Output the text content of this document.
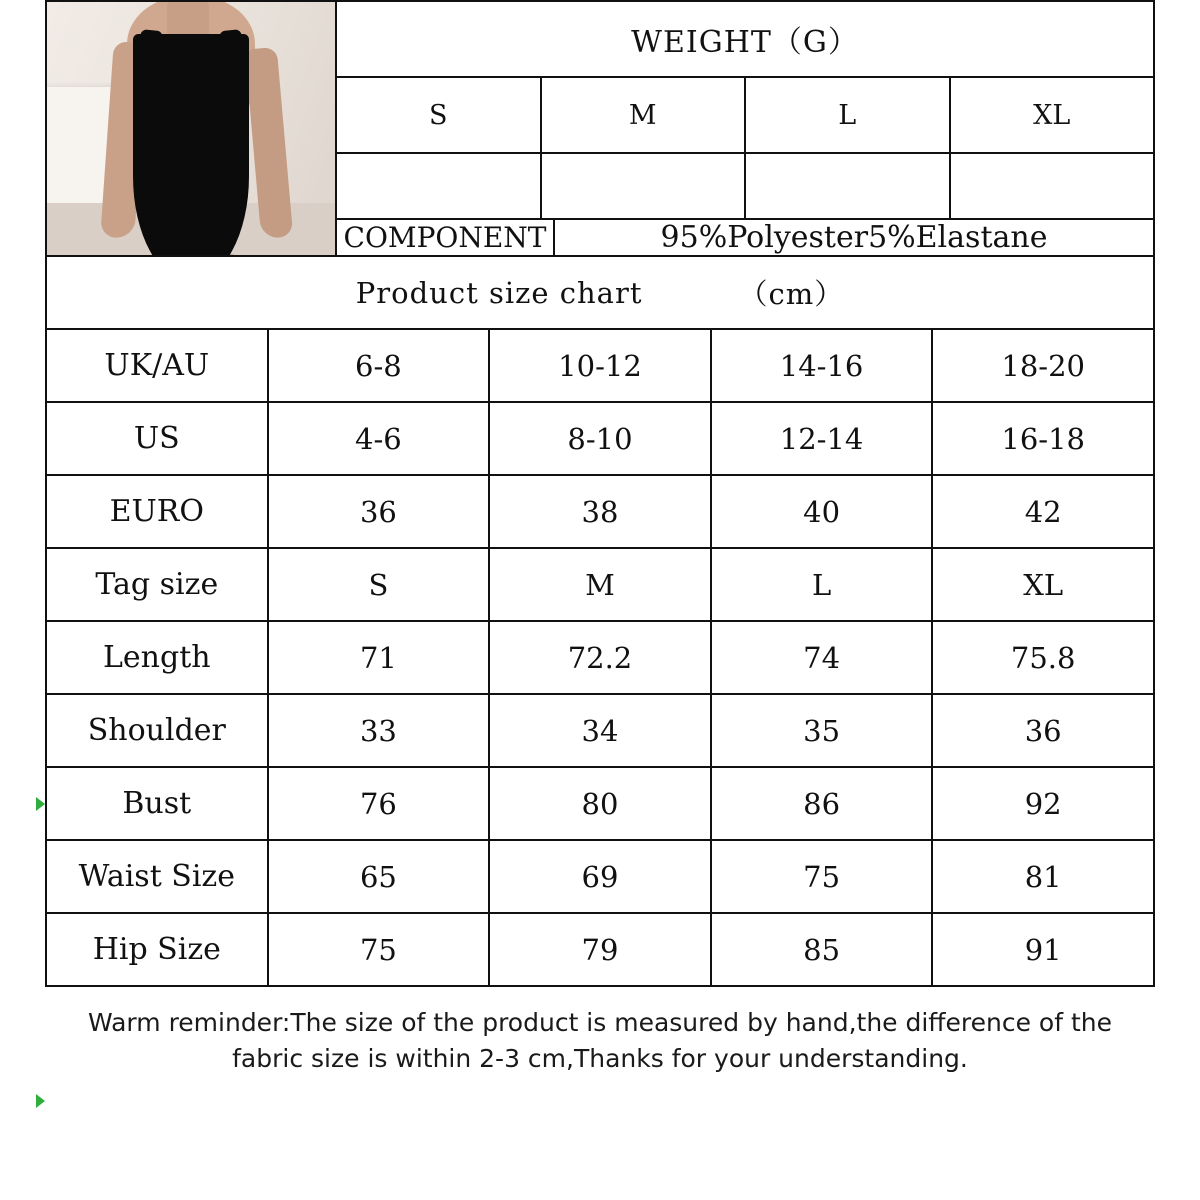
WEIGHT（G）
S	M	L	XL
COMPONENT	95%Polyester5%Elastane
Product size chart （cm）				

UK/AU	6-8	10-12	14-16	18-20
US	4-6	8-10	12-14	16-18
EURO	36	38	40	42
Tag size	S	M	L	XL
Length	71	72.2	74	75.8
Shoulder	33	34	35	36
Bust	76	80	86	92
Waist Size	65	69	75	81
Hip Size	75	79	85	91
Warm reminder:The size of the product is measured by hand,the difference of the
fabric size is within 2-3 cm,Thanks for your understanding.
